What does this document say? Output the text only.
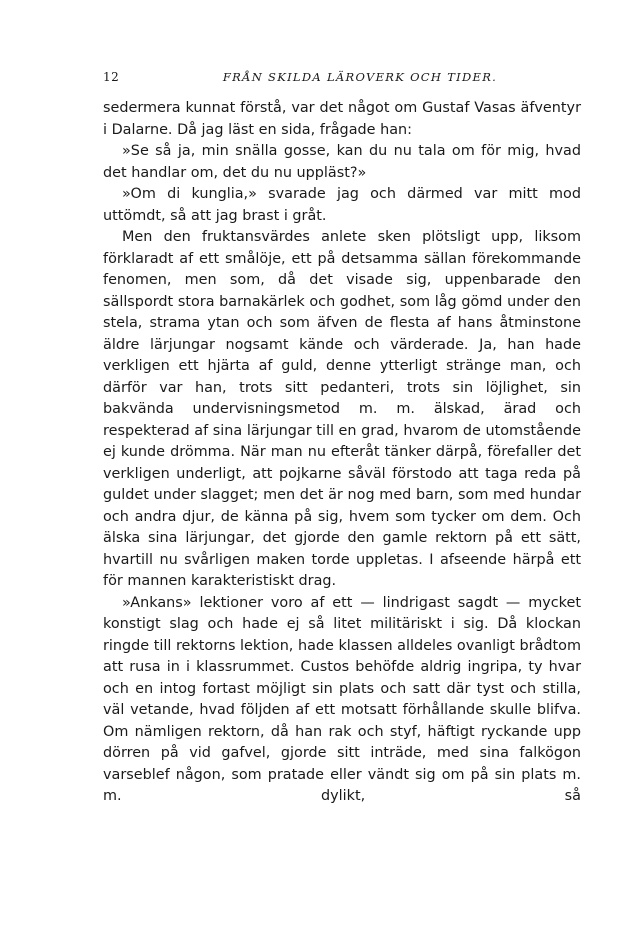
12	FRÅN SKILDA LÄROVERK OCH TIDER.

sedermera kunnat förstå, var det något om Gustaf Vasas äfventyr i Dalarne. Då jag läst en sida, frågade han:

»Se så ja, min snälla gosse, kan du nu tala om för mig, hvad det handlar om, det du nu uppläst?»

»Om di kunglia,» svarade jag och därmed var mitt mod uttömdt, så att jag brast i gråt.

Men den fruktansvärdes anlete sken plötsligt upp, liksom förklaradt af ett smålöje, ett på detsamma sällan förekommande fenomen, men som, då det visade sig, uppenbarade den sällspordt stora barnakärlek och godhet, som låg gömd under den stela, strama ytan och som äfven de flesta af hans åtminstone äldre lärjungar nogsamt kände och värderade. Ja, han hade verkligen ett hjärta af guld, denne ytterligt stränge man, och därför var han, trots sitt pedanteri, trots sin löjlighet, sin bakvända undervisningsmetod m. m. älskad, ärad och respekterad af sina lärjungar till en grad, hvarom de utomstående ej kunde drömma. När man nu efteråt tänker därpå, förefaller det verkligen underligt, att pojkarne såväl förstodo att taga reda på guldet under slagget; men det är nog med barn, som med hundar och andra djur, de känna på sig, hvem som tycker om dem. Och älska sina lärjungar, det gjorde den gamle rektorn på ett sätt, hvartill nu svårligen maken torde uppletas. I afseende härpå ett för mannen karakteristiskt drag.

»Ankans» lektioner voro af ett — lindrigast sagdt — mycket konstigt slag och hade ej så litet militäriskt i sig. Då klockan ringde till rektorns lektion, hade klassen alldeles ovanligt brådtom att rusa in i klassrummet. Custos behöfde aldrig ingripa, ty hvar och en intog fortast möjligt sin plats och satt där tyst och stilla, väl vetande, hvad följden af ett motsatt förhållande skulle blifva. Om nämligen rektorn, då han rak och styf, häftigt ryckande upp dörren på vid gafvel, gjorde sitt inträde, med sina falkögon varseblef någon, som pratade eller vändt sig om på sin plats m. m. dylikt, så
